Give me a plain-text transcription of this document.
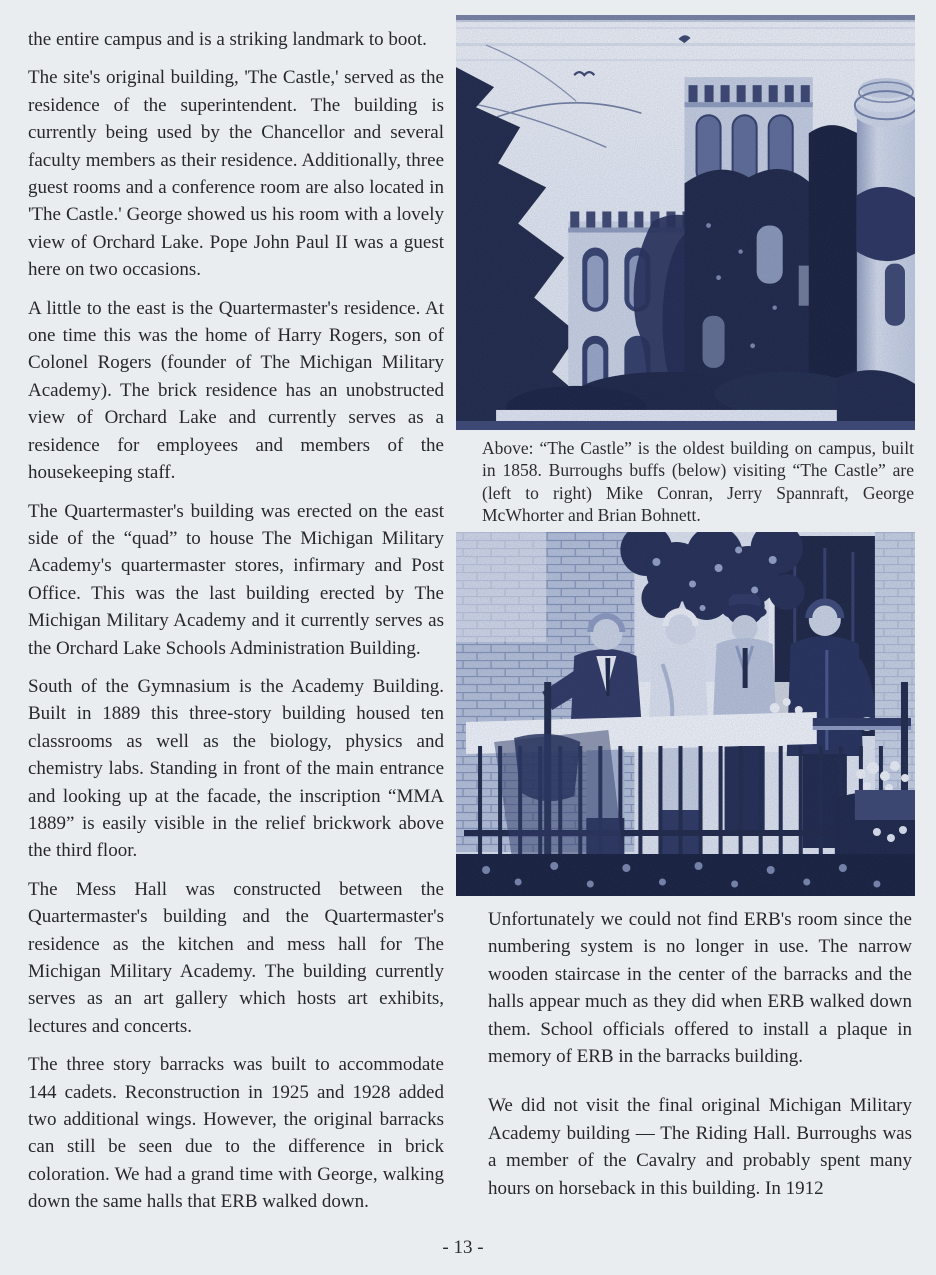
the entire campus and is a striking landmark to boot.

The site's original building, 'The Castle,' served as the residence of the superintendent. The building is currently being used by the Chancellor and several faculty members as their residence. Additionally, three guest rooms and a conference room are also located in 'The Castle.' George showed us his room with a lovely view of Orchard Lake. Pope John Paul II was a guest here on two occasions.

A little to the east is the Quartermaster's residence. At one time this was the home of Harry Rogers, son of Colonel Rogers (founder of The Michigan Military Academy). The brick residence has an unobstructed view of Orchard Lake and currently serves as a residence for employees and members of the housekeeping staff.

The Quartermaster's building was erected on the east side of the “quad” to house The Michigan Military Academy's quartermaster stores, infirmary and Post Office. This was the last building erected by The Michigan Military Academy and it currently serves as the Orchard Lake Schools Administration Building.

South of the Gymnasium is the Academy Building. Built in 1889 this three-story building housed ten classrooms as well as the biology, physics and chemistry labs. Standing in front of the main entrance and looking up at the facade, the inscription “MMA 1889” is easily visible in the relief brickwork above the third floor.

The Mess Hall was constructed between the Quartermaster's building and the Quartermaster's residence as the kitchen and mess hall for The Michigan Military Academy. The building currently serves as an art gallery which hosts art exhibits, lectures and concerts.

The three story barracks was built to accommodate 144 cadets. Reconstruction in 1925 and 1928 added two additional wings. However, the original barracks can still be seen due to the difference in brick coloration. We had a grand time with George, walking down the same halls that ERB walked down.

Above: “The Castle” is the oldest building on campus, built in 1858. Burroughs buffs (below) visiting “The Castle” are (left to right) Mike Conran, Jerry Spannraft, George McWhorter and Brian Bohnett.

Unfortunately we could not find ERB's room since the numbering system is no longer in use. The narrow wooden staircase in the center of the barracks and the halls appear much as they did when ERB walked down them. School officials offered to install a plaque in memory of ERB in the barracks building.

We did not visit the final original Michigan Military Academy building — The Riding Hall. Burroughs was a member of the Cavalry and probably spent many hours on horseback in this building. In 1912

- 13 -
